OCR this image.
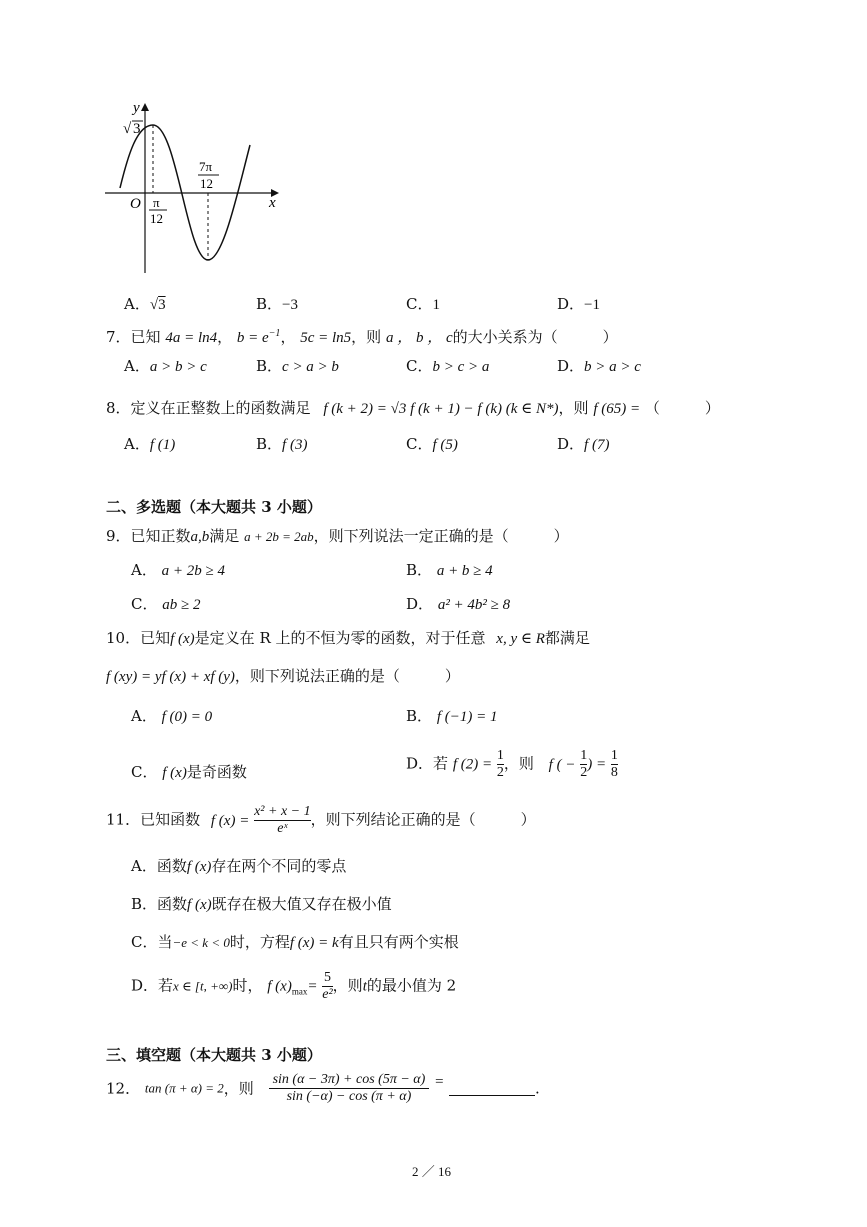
y
x
O
√ 3
π
12
7π
12
A．√3	B．−3	C．1	D．−1
7．已知 4a = ln4， $b = e^{-1}$， 5c = ln5，则 a ， b ， c的大小关系为（　　　）
A．a > b > c	B．c > a > b	C．b > c > a	D．b > a > c
8．定义在正整数上的函数满足 f (k + 2) = √3 f (k + 1) − f (k) (k ∈ N*)，则 f (65) = （　　　）
A．f (1)	B．f (3)	C．f (5)	D．f (7)
二、多选题（本大题共 3 小题）
9．已知正数a,b满足 a + 2b = 2ab，则下列说法一定正确的是（　　　）
A． a + 2b ≥ 4	B． a + b ≥ 4
C． ab ≥ 2	D． a² + 4b² ≥ 8
10．已知f (x)是定义在 R 上的不恒为零的函数，对于任意 x, y ∈ R都满足
f (xy) = yf (x) + xf (y)，则下列说法正确的是（　　　）
A． f (0) = 0	B． f (−1) = 1
C． f (x)是奇函数	D．若 f $(2) = \frac{1}{2}$ ，则 f ( − $\frac{1}{2}$ ) = $\frac{1}{8}$
11．已知函数 f $(x) = \frac{\text{x² + x − 1}}{\text{eˣ}}$ ，则下列结论正确的是（　　　）
A．函数f (x)存在两个不同的零点
B．函数f (x)既存在极大值又存在极小值
C．当−e < k < 0时，方程f (x) = k有且只有两个实根
D．若x ∈ [t, +∞)时， f $(x)_{max}= \frac{5}{\text{e²}}$ ，则t的最小值为 2
三、填空题（本大题共 3 小题）
12． tan (π + α) = 2，则 $\frac{\sin (\alpha - 3\pi) + \cos (5\pi - \alpha)}{\sin (-\alpha) - \cos (\pi + \alpha)}$ =	.
2 ／ 16
